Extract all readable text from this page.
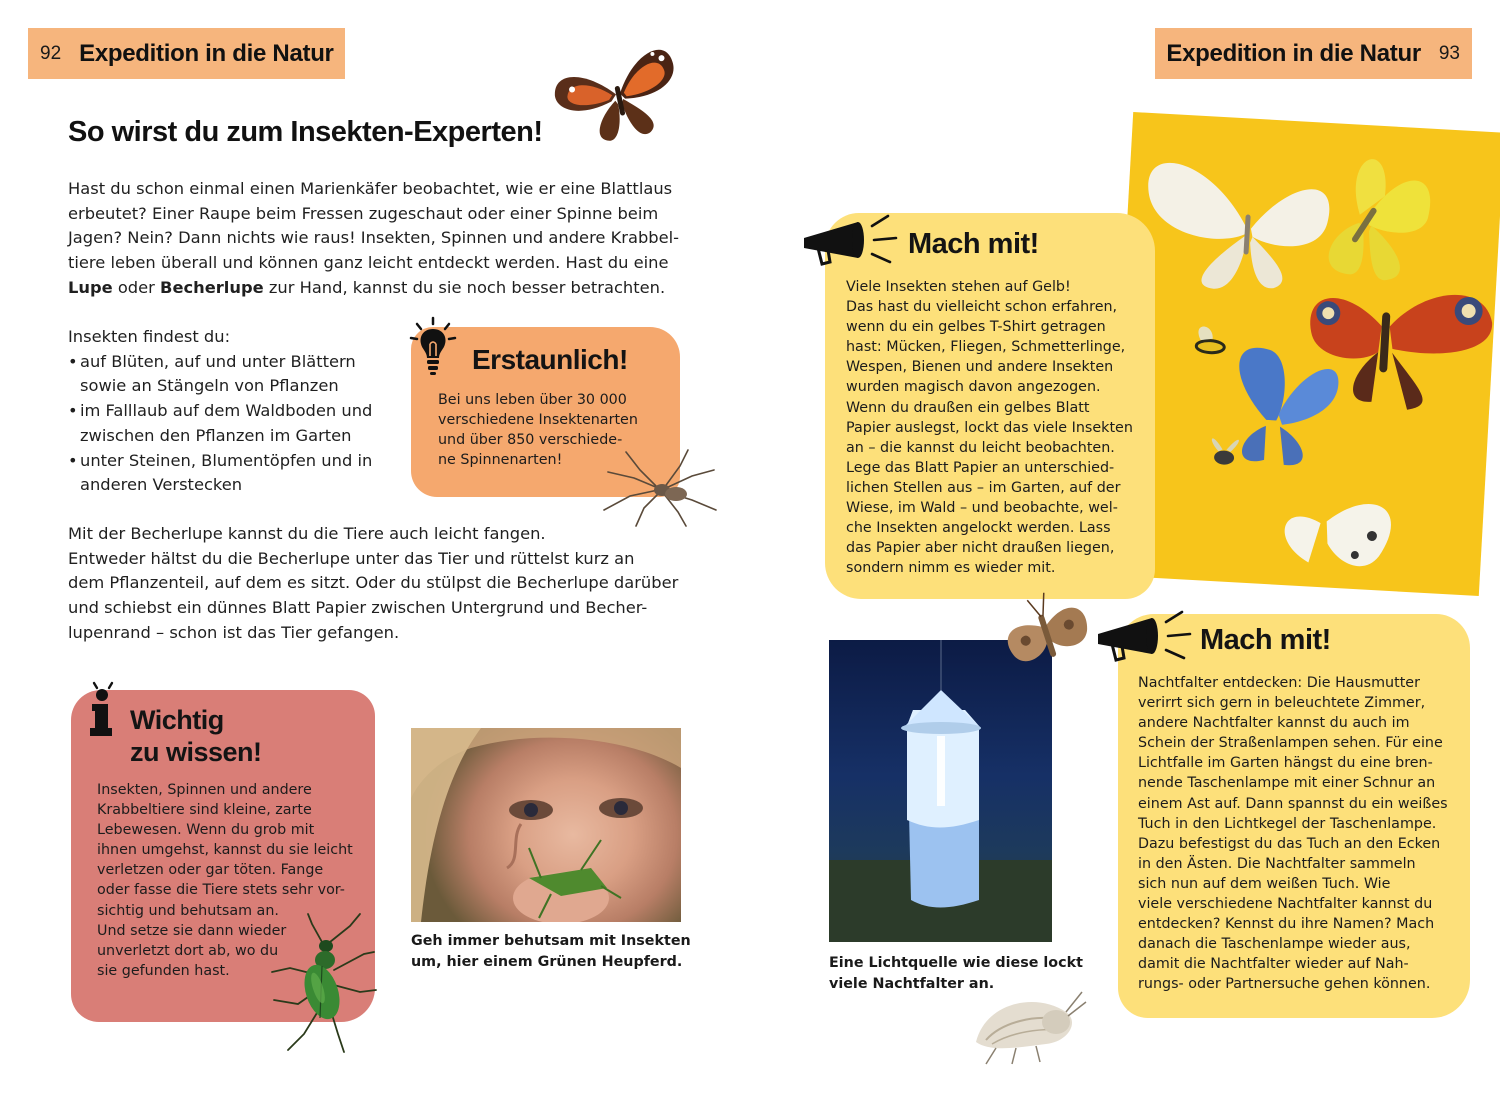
92 Expedition in die Natur	Expedition in die Natur 93
So wirst du zum Insekten-Experten!
Hast du schon einmal einen Marienkäfer beobachtet, wie er eine Blattlaus
erbeutet? Einer Raupe beim Fressen zugeschaut oder einer Spinne beim
Jagen? Nein? Dann nichts wie raus! Insekten, Spinnen und andere Krabbel-
tiere leben überall und können ganz leicht entdeckt werden. Hast du eine
Lupe oder Becherlupe zur Hand, kannst du sie noch besser betrachten.
Insekten findest du:
• auf Blüten, auf und unter Blättern
sowie an Stängeln von Pflanzen
• im Falllaub auf dem Waldboden und
zwischen den Pflanzen im Garten
• unter Steinen, Blumentöpfen und in
anderen Verstecken
Mit der Becherlupe kannst du die Tiere auch leicht fangen.
Entweder hältst du die Becherlupe unter das Tier und rüttelst kurz an
dem Pflanzenteil, auf dem es sitzt. Oder du stülpst die Becherlupe darüber
und schiebst ein dünnes Blatt Papier zwischen Untergrund und Becher-
lupenrand – schon ist das Tier gefangen.
Erstaunlich!
Bei uns leben über 30 000
verschiedene Insektenarten
und über 850 verschiede-
ne Spinnenarten!
Wichtig
zu wissen!
Insekten, Spinnen und andere
Krabbeltiere sind kleine, zarte
Lebewesen. Wenn du grob mit
ihnen umgehst, kannst du sie leicht
verletzen oder gar töten. Fange
oder fasse die Tiere stets sehr vor-
sichtig und behutsam an.
Und setze sie dann wieder
unverletzt dort ab, wo du
sie gefunden hast.
Geh immer behutsam mit Insekten
um, hier einem Grünen Heupferd.
Mach mit!
Viele Insekten stehen auf Gelb!
Das hast du vielleicht schon erfahren,
wenn du ein gelbes T-Shirt getragen
hast: Mücken, Fliegen, Schmetterlinge,
Wespen, Bienen und andere Insekten
wurden magisch davon angezogen.
Wenn du draußen ein gelbes Blatt
Papier auslegst, lockt das viele Insekten
an – die kannst du leicht beobachten.
Lege das Blatt Papier an unterschied-
lichen Stellen aus – im Garten, auf der
Wiese, im Wald – und beobachte, wel-
che Insekten angelockt werden. Lass
das Papier aber nicht draußen liegen,
sondern nimm es wieder mit.
Eine Lichtquelle wie diese lockt
viele Nachtfalter an.
Mach mit!
Nachtfalter entdecken: Die Hausmutter
verirrt sich gern in beleuchtete Zimmer,
andere Nachtfalter kannst du auch im
Schein der Straßenlampen sehen. Für eine
Lichtfalle im Garten hängst du eine bren-
nende Taschenlampe mit einer Schnur an
einem Ast auf. Dann spannst du ein weißes
Tuch in den Lichtkegel der Taschenlampe.
Dazu befestigst du das Tuch an den Ecken
in den Ästen. Die Nachtfalter sammeln
sich nun auf dem weißen Tuch. Wie
viele verschiedene Nachtfalter kannst du
entdecken? Kennst du ihre Namen? Mach
danach die Taschenlampe wieder aus,
damit die Nachtfalter wieder auf Nah-
rungs- oder Partnersuche gehen können.
